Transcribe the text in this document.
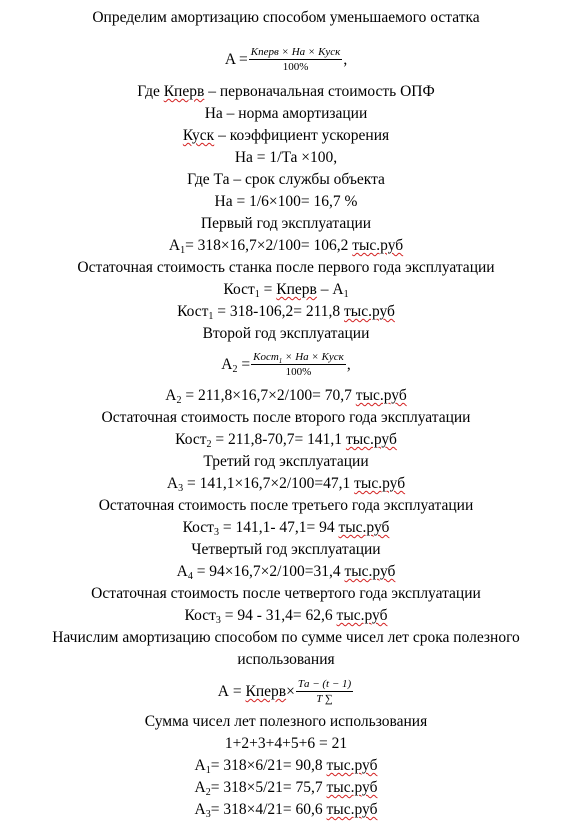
Определим амортизацию способом уменьшаемого остатка
$A = \frac{\text{Kперв × Hа × Kуск}}{100\%}$ ,
Где Кперв – первоначальная стоимость ОПФ
На – норма амортизации
Куск – коэффициент ускорения
На = 1/Та ×100,
Где Та – срок службы объекта
На = 1/6×100= 16,7 %
Первый год эксплуатации
$А_1= 318\times 16,7\times 2/100= 106,2$ тыс.руб
Остаточная стоимость станка после первого года эксплуатации
Кост$_1$ = Кперв – $А_1$
Кост$_1$ = 318-106,2= 211,8 тыс.руб
Второй год эксплуатации
$А_2 = \frac{Kост_1 \times Hа \times Kуск}{100\%}$ ,
$А_2 = 211,8\times 16,7\times 2/100= 70,7$ тыс.руб
Остаточная стоимость после второго года эксплуатации
Кост$_2$ = 211,8-70,7= 141,1 тыс.руб
Третий год эксплуатации
$А_3 = 141,1\times 16,7\times 2/100=47,1$ тыс.руб
Остаточная стоимость после третьего года эксплуатации
Кост$_3$ = 141,1- 47,1= 94 тыс.руб
Четвертый год эксплуатации
$А_4 = 94\times 16,7\times 2/100=31,4$ тыс.руб
Остаточная стоимость после четвертого года эксплуатации
Кост$_3$ = 94 - 31,4= 62,6 тыс.руб
Начислим амортизацию способом по сумме чисел лет срока полезного
использования
А = Кперв× $\frac{Tа - (t - 1)}{T \sum}$
Сумма чисел лет полезного использования
1+2+3+4+5+6 = 21
$А_1= 318\times 6/21= 90,8$ тыс.руб
$А_2= 318\times 5/21= 75,7$ тыс.руб
$А_3= 318\times 4/21= 60,6$ тыс.руб
